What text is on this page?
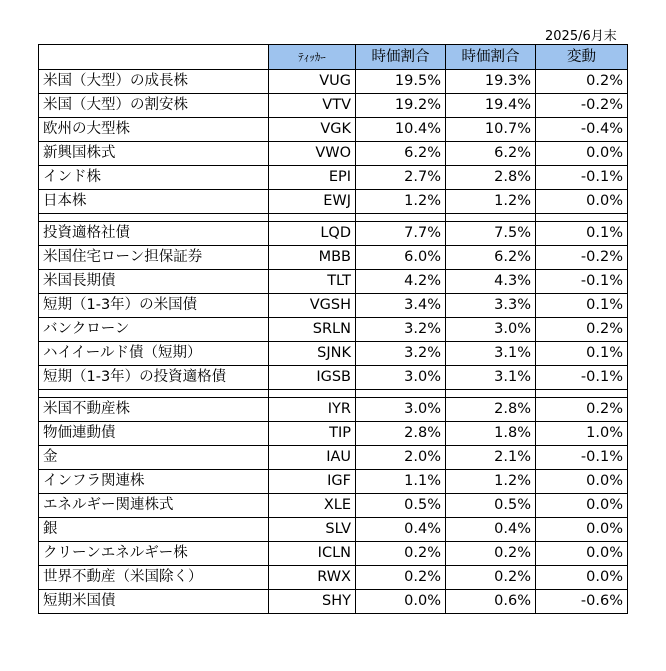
2025/6月末
	ﾃｨｯｶｰ	時価割合	時価割合	変動
米国（大型）の成長株	VUG	19.5%	19.3%	0.2%
米国（大型）の割安株	VTV	19.2%	19.4%	-0.2%
欧州の大型株	VGK	10.4%	10.7%	-0.4%
新興国株式	VWO	6.2%	6.2%	0.0%
インド株	EPI	2.7%	2.8%	-0.1%
日本株	EWJ	1.2%	1.2%	0.0%

投資適格社債	LQD	7.7%	7.5%	0.1%
米国住宅ローン担保証券	MBB	6.0%	6.2%	-0.2%
米国長期債	TLT	4.2%	4.3%	-0.1%
短期（1-3年）の米国債	VGSH	3.4%	3.3%	0.1%
バンクローン	SRLN	3.2%	3.0%	0.2%
ハイイールド債（短期）	SJNK	3.2%	3.1%	0.1%
短期（1-3年）の投資適格債	IGSB	3.0%	3.1%	-0.1%

米国不動産株	IYR	3.0%	2.8%	0.2%
物価連動債	TIP	2.8%	1.8%	1.0%
金	IAU	2.0%	2.1%	-0.1%
インフラ関連株	IGF	1.1%	1.2%	0.0%
エネルギー関連株式	XLE	0.5%	0.5%	0.0%
銀	SLV	0.4%	0.4%	0.0%
クリーンエネルギー株	ICLN	0.2%	0.2%	0.0%
世界不動産（米国除く）	RWX	0.2%	0.2%	0.0%
短期米国債	SHY	0.0%	0.6%	-0.6%
